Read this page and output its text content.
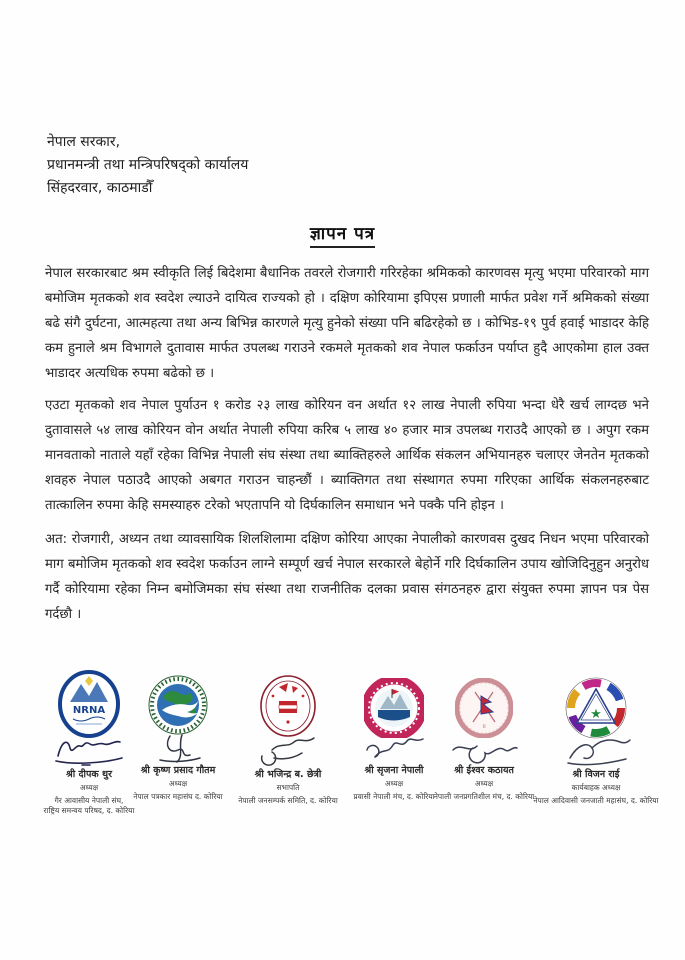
नेपाल सरकार,
प्रधानमन्त्री तथा मन्त्रिपरिषद्को कार्यालय
सिंहदरवार, काठमाडौँ
ज्ञापन पत्र

नेपाल सरकारबाट श्रम स्वीकृति लिई बिदेशमा बैधानिक तवरले रोजगारी गरिरहेका श्रमिकको कारणवस मृत्यु भएमा परिवारको माग बमोजिम मृतकको शव स्वदेश ल्याउने दायित्व राज्यको हो । दक्षिण कोरियामा इपिएस प्रणाली मार्फत प्रवेश गर्ने श्रमिकको संख्या बढे संगै दुर्घटना, आत्महत्या तथा अन्य बिभिन्न कारणले मृत्यु हुनेको संख्या पनि बढिरहेको छ । कोभिड-१९ पुर्व हवाई भाडादर केहि कम हुनाले श्रम विभागले दुतावास मार्फत उपलब्ध गराउने रकमले मृतकको शव नेपाल फर्काउन पर्याप्त हुदै आएकोमा हाल उक्त भाडादर अत्यधिक रुपमा बढेको छ ।

एउटा मृतकको शव नेपाल पुर्याउन १ करोड २३ लाख कोरियन वन अर्थात १२ लाख नेपाली रुपिया भन्दा धेरै खर्च लाग्दछ भने दुतावासले ५४ लाख कोरियन वोन अर्थात नेपाली रुपिया करिब ५ लाख ४० हजार मात्र उपलब्ध गराउदै आएको छ । अपुग रकम मानवताको नाताले यहाँ रहेका विभिन्न नेपाली संघ संस्था तथा ब्याक्तिहरुले आर्थिक संकलन अभियानहरु चलाएर जेनतेन मृतकको शवहरु नेपाल पठाउदै आएको अबगत गराउन चाहन्छौं । ब्याक्तिगत तथा संस्थागत रुपमा गरिएका आर्थिक संकलनहरुबाट तात्कालिन रुपमा केहि समस्याहरु टरेको भएतापनि यो दिर्घकालिन समाधान भने पक्कै पनि होइन ।

अत: रोजगारी, अध्यन तथा व्यावसायिक शिलशिलामा दक्षिण कोरिया आएका नेपालीको कारणवस दुखद निधन भएमा परिवारको माग बमोजिम मृतकको शव स्वदेश फर्काउन लाग्ने सम्पूर्ण खर्च नेपाल सरकारले बेहोर्ने गरि दिर्घकालिन उपाय खोजिदिनुहुन अनुरोध गर्दै कोरियामा रहेका निम्न बमोजिमका संघ संस्था तथा राजनीतिक दलका प्रवास संगठनहरु द्वारा संयुक्त रुपमा ज्ञापन पत्र पेस गर्दछौ ।

NRNA
श्री दीपक थुर
अध्यक्ष
गैर आवासीय नेपाली संघ,
राष्ट्रिय समन्वय परिषद, द. कोरिया
श्री कृष्ण प्रसाद गौतम
अध्यक्ष
नेपाल पत्रकार महासंघ द. कोरिया
श्री भजिन्द्र ब. छेत्री
सभापति
नेपाली जनसम्पर्क समिति, द. कोरिया
श्री सृजना नेपाली
अध्यक्ष
प्रवासी नेपाली मंच, द. कोरिया
॥
श्री ईश्वर कठायत
अध्यक्ष
नेपाली जनप्रगतिशील मंच, द. कोरिया
★
श्री विजन राई
कार्यबाहक अध्यक्ष
नेपाल आदिवासी जनजाती महासंघ, द. कोरिया
